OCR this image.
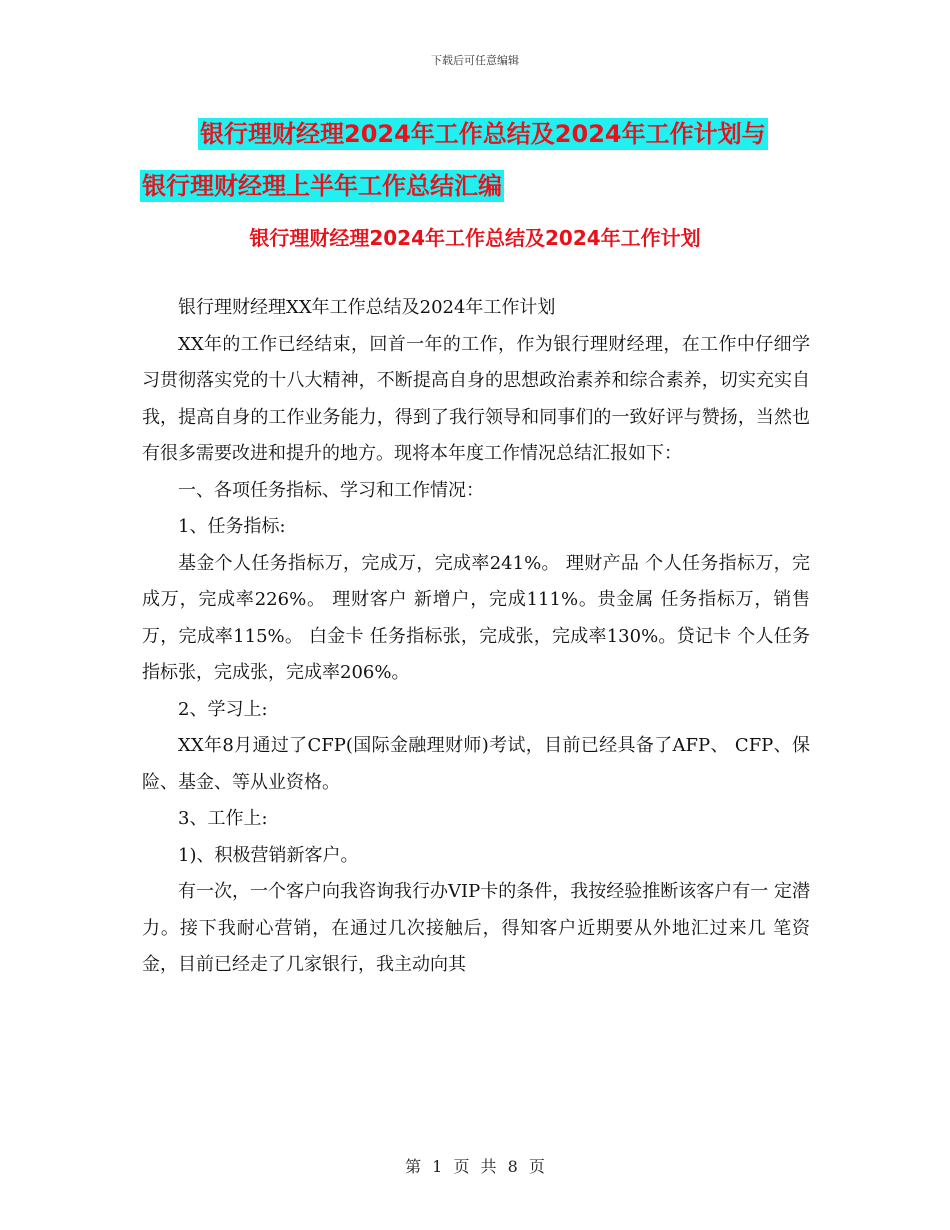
下载后可任意编辑
银行理财经理2024年工作总结及2024年工作计划与
银行理财经理上半年工作总结汇编
银行理财经理2024年工作总结及2024年工作计划

银行理财经理XX年工作总结及2024年工作计划

XX年的工作已经结束，回首一年的工作，作为银行理财经理，在工作中仔细学习贯彻落实党的十八大精神，不断提高自身的思想政治素养和综合素养，切实充实自我，提高自身的工作业务能力，得到了我行领导和同事们的一致好评与赞扬，当然也有很多需要改进和提升的地方。现将本年度工作情况总结汇报如下：

一、各项任务指标、学习和工作情况：

1、任务指标:

基金个人任务指标万，完成万，完成率241%。 理财产品 个人任务指标万，完成万，完成率226%。 理财客户 新增户，完成111%。贵金属 任务指标万，销售万，完成率115%。 白金卡 任务指标张，完成张，完成率130%。贷记卡 个人任务指标张，完成张，完成率206%。

2、学习上:

XX年8月通过了CFP(国际金融理财师)考试，目前已经具备了AFP、 CFP、保险、基金、等从业资格。

3、工作上:

1)、积极营销新客户。

有一次，一个客户向我咨询我行办VIP卡的条件，我按经验推断该客户有一 定潜力。接下我耐心营销，在通过几次接触后，得知客户近期要从外地汇过来几 笔资金，目前已经走了几家银行，我主动向其

第 1 页 共 8 页
